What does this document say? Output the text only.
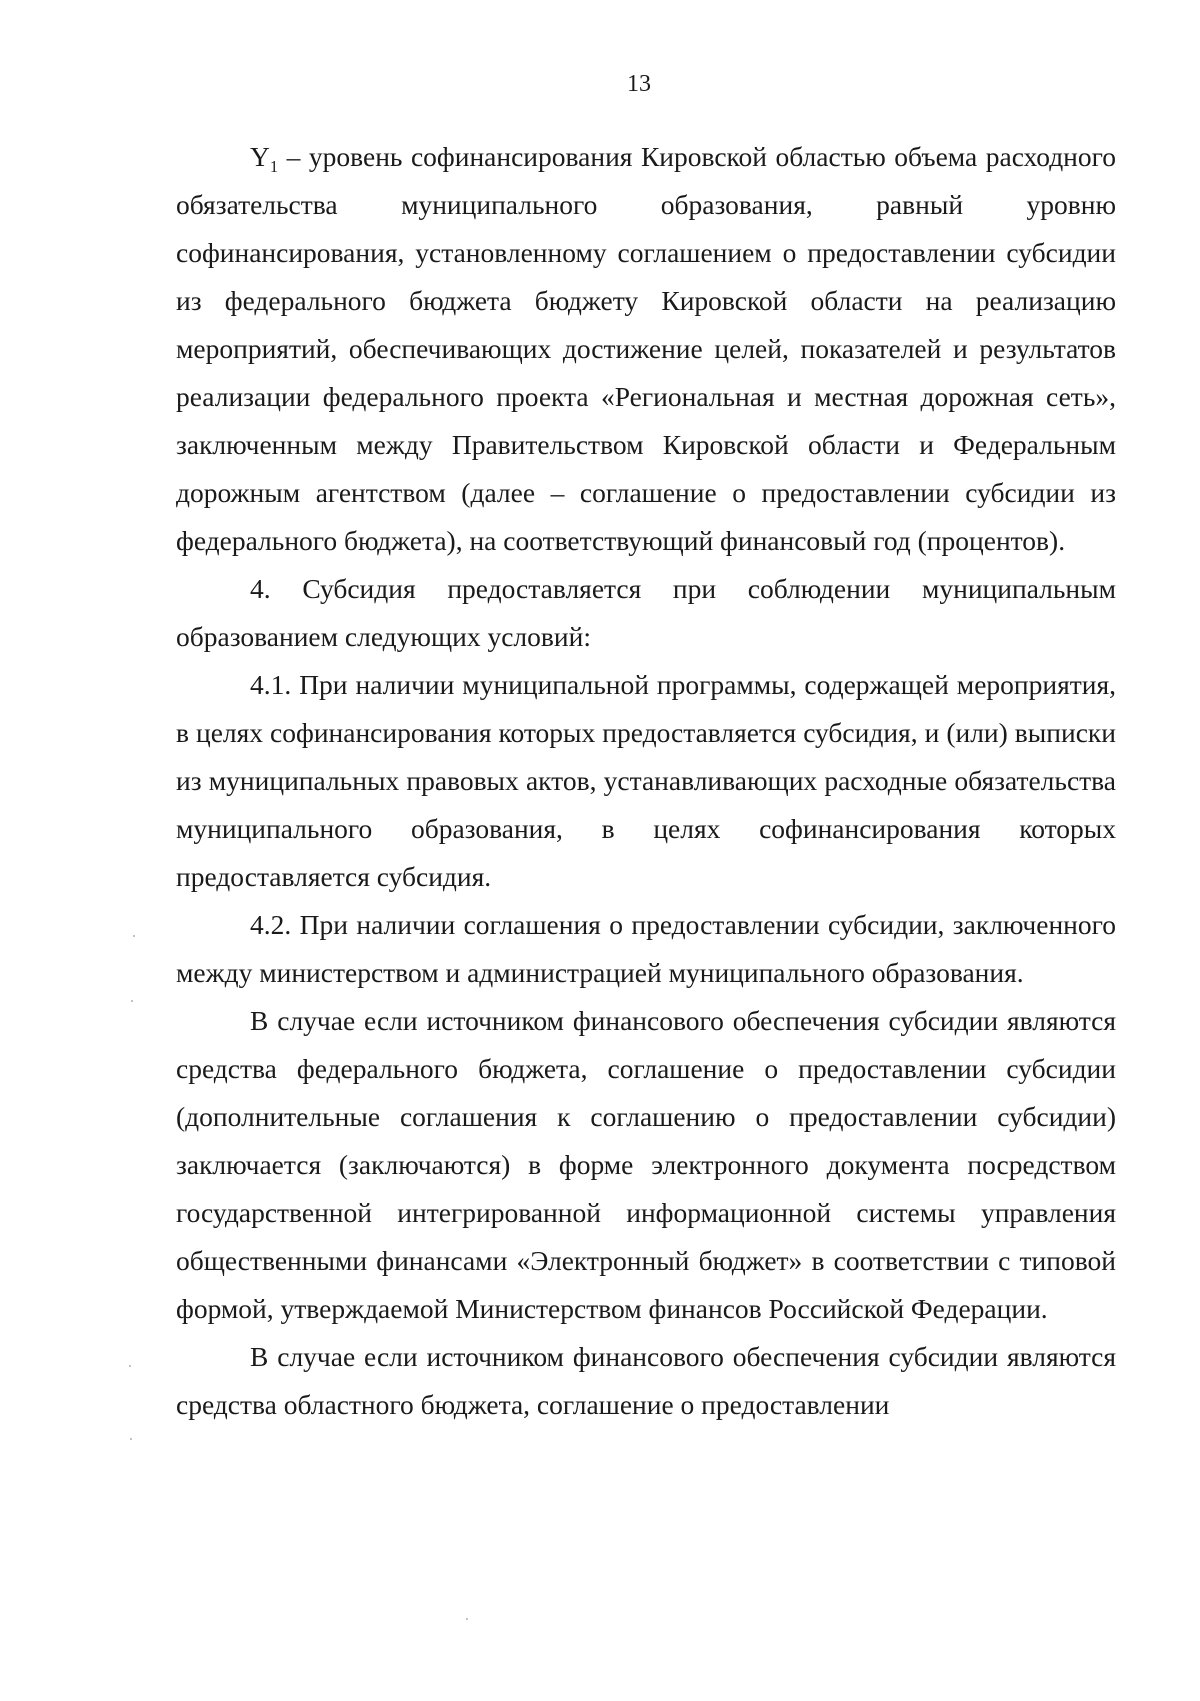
13

$Y_1$ – уровень софинансирования Кировской областью объема расходного обязательства муниципального образования, равный уровню софинансирования, установленному соглашением о предоставлении субсидии из федерального бюджета бюджету Кировской области на реализацию мероприятий, обеспечивающих достижение целей, показателей и результатов реализации федерального проекта «Региональная и местная дорожная сеть», заключенным между Правительством Кировской области и Федеральным дорожным агентством (далее – соглашение о предоставлении субсидии из федерального бюджета), на соответствующий финансовый год (процентов).

4. Субсидия предоставляется при соблюдении муниципальным образованием следующих условий:

4.1. При наличии муниципальной программы, содержащей мероприятия, в целях софинансирования которых предоставляется субсидия, и (или) выписки из муниципальных правовых актов, устанавливающих расходные обязательства муниципального образования, в целях софинансирования которых предоставляется субсидия.

4.2. При наличии соглашения о предоставлении субсидии, заключенного между министерством и администрацией муниципального образования.

В случае если источником финансового обеспечения субсидии являются средства федерального бюджета, соглашение о предоставлении субсидии (дополнительные соглашения к соглашению о предоставлении субсидии) заключается (заключаются) в форме электронного документа посредством государственной интегрированной информационной системы управления общественными финансами «Электронный бюджет» в соответствии с типовой формой, утверждаемой Министерством финансов Российской Федерации.

В случае если источником финансового обеспечения субсидии являются средства областного бюджета, соглашение о предоставлении
